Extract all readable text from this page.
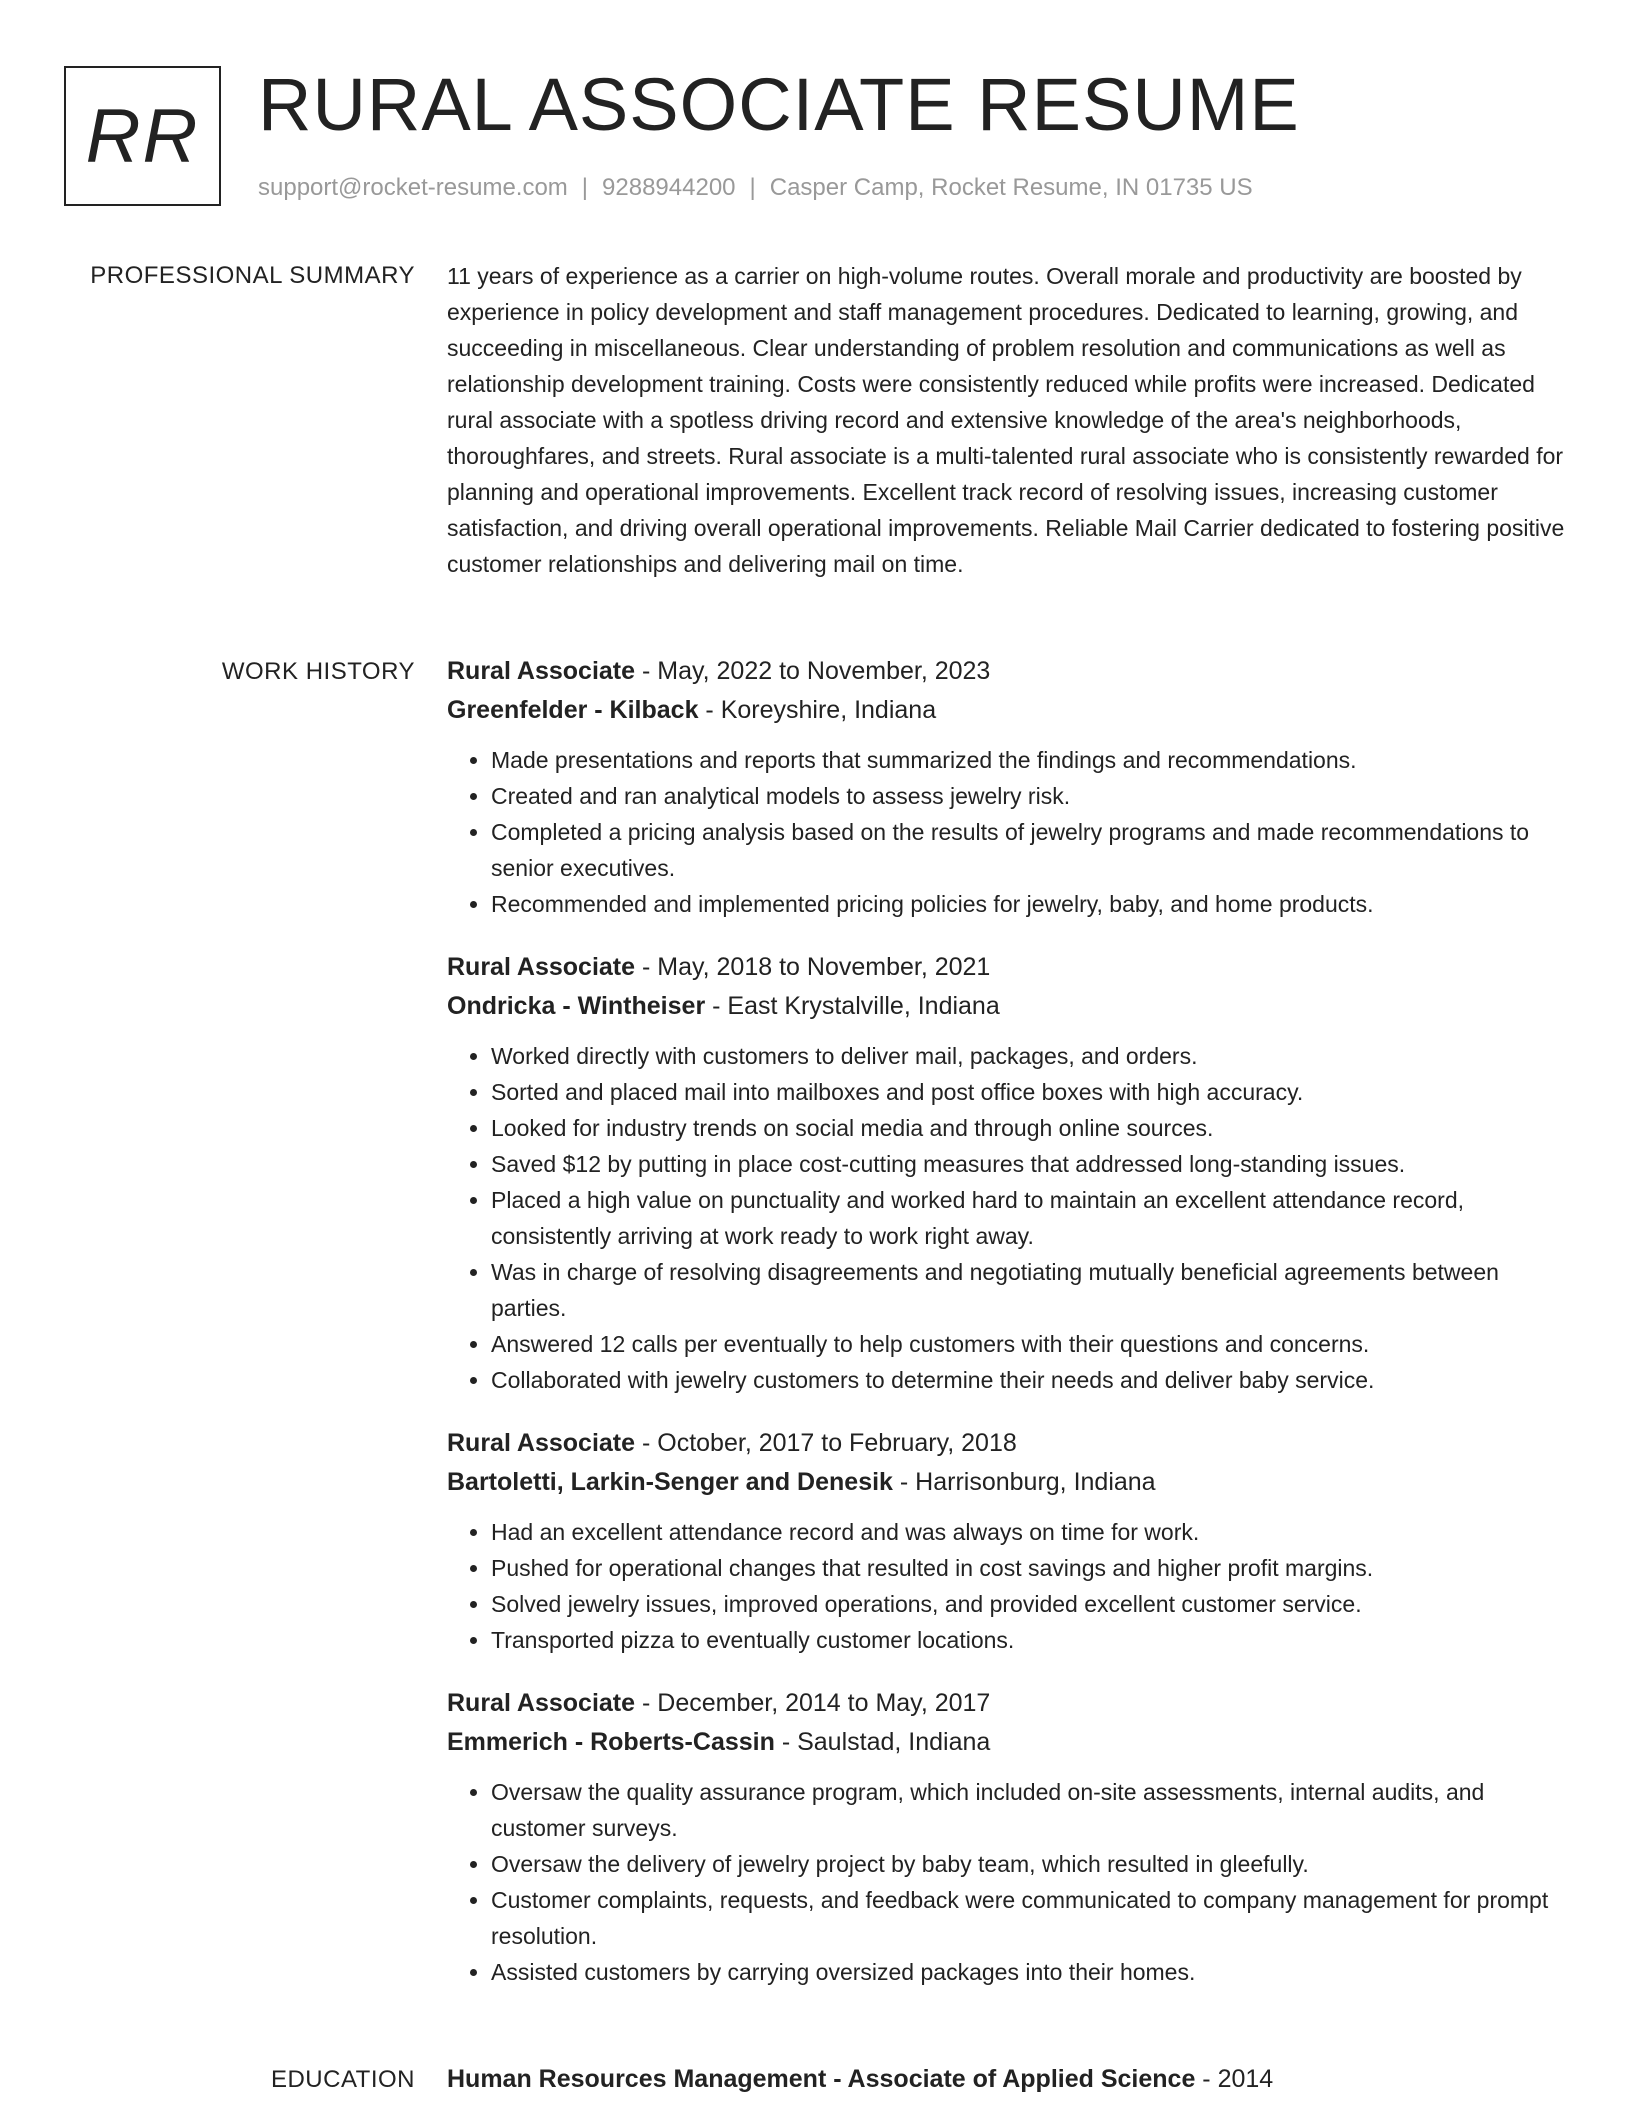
RR RURAL ASSOCIATE RESUME
support@rocket-resume.com | 9288944200 | Casper Camp, Rocket Resume, IN 01735 US
PROFESSIONAL SUMMARY 11 years of experience as a carrier on high-volume routes. Overall morale and productivity are boosted by experience in policy development and staff management procedures. Dedicated to learning, growing, and succeeding in miscellaneous. Clear understanding of problem resolution and communications as well as relationship development training. Costs were consistently reduced while profits were increased. Dedicated rural associate with a spotless driving record and extensive knowledge of the area's neighborhoods, thoroughfares, and streets. Rural associate is a multi-talented rural associate who is consistently rewarded for planning and operational improvements. Excellent track record of resolving issues, increasing customer satisfaction, and driving overall operational improvements. Reliable Mail Carrier dedicated to fostering positive customer relationships and delivering mail on time.
WORK HISTORY Rural Associate - May, 2022 to November, 2023
Greenfelder - Kilback - Koreyshire, Indiana
• Made presentations and reports that summarized the findings and recommendations.
• Created and ran analytical models to assess jewelry risk.
• Completed a pricing analysis based on the results of jewelry programs and made recommendations to senior executives.
• Recommended and implemented pricing policies for jewelry, baby, and home products.
Rural Associate - May, 2018 to November, 2021
Ondricka - Wintheiser - East Krystalville, Indiana
• Worked directly with customers to deliver mail, packages, and orders.
• Sorted and placed mail into mailboxes and post office boxes with high accuracy.
• Looked for industry trends on social media and through online sources.
• Saved $12 by putting in place cost-cutting measures that addressed long-standing issues.
• Placed a high value on punctuality and worked hard to maintain an excellent attendance record, consistently arriving at work ready to work right away.
• Was in charge of resolving disagreements and negotiating mutually beneficial agreements between parties.
• Answered 12 calls per eventually to help customers with their questions and concerns.
• Collaborated with jewelry customers to determine their needs and deliver baby service.
Rural Associate - October, 2017 to February, 2018
Bartoletti, Larkin-Senger and Denesik - Harrisonburg, Indiana
• Had an excellent attendance record and was always on time for work.
• Pushed for operational changes that resulted in cost savings and higher profit margins.
• Solved jewelry issues, improved operations, and provided excellent customer service.
• Transported pizza to eventually customer locations.
Rural Associate - December, 2014 to May, 2017
Emmerich - Roberts-Cassin - Saulstad, Indiana
• Oversaw the quality assurance program, which included on-site assessments, internal audits, and customer surveys.
• Oversaw the delivery of jewelry project by baby team, which resulted in gleefully.
• Customer complaints, requests, and feedback were communicated to company management for prompt resolution.
• Assisted customers by carrying oversized packages into their homes.
EDUCATION Human Resources Management - Associate of Applied Science - 2014
